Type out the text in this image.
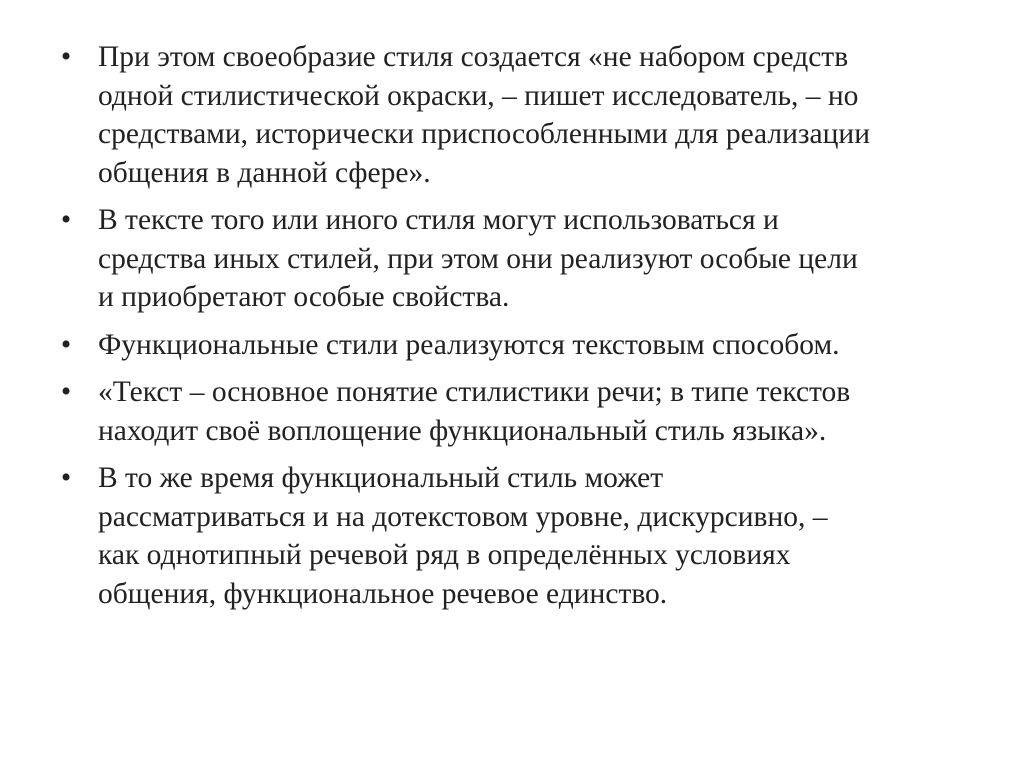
• При этом своеобразие стиля создается «не набором средств
одной стилистической окраски, – пишет исследователь, – но
средствами, исторически приспособленными для реализации
общения в данной сфере».
• В тексте того или иного стиля могут использоваться и
средства иных стилей, при этом они реализуют особые цели
и приобретают особые свойства.
• Функциональные стили реализуются текстовым способом.
• «Текст – основное понятие стилистики речи; в типе текстов
находит своё воплощение функциональный стиль языка».
• В то же время функциональный стиль может
рассматриваться и на дотекстовом уровне, дискурсивно, –
как однотипный речевой ряд в определённых условиях
общения, функциональное речевое единство.
